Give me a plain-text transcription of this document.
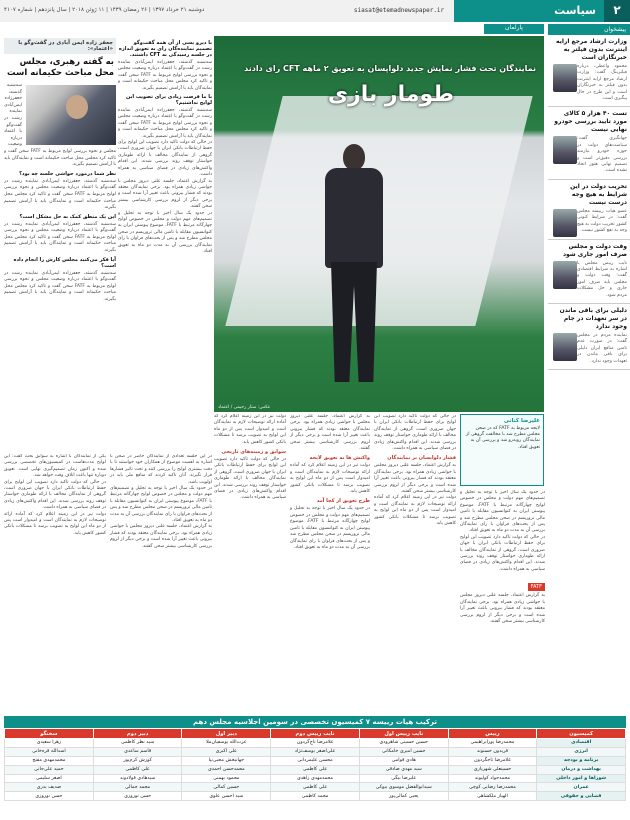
دوشنبه ۲۱ خرداد ۱۳۹۷ | ۲۶ رمضان ۱۴۳۹ | ۱۱ ژوئن ۲۰۱۸ | سال پانزدهم | شماره ۴۱۰۷	siasat@etemadnewspaper.ir	سیاست	۲
پیشخوان
وزارت ارشاد مرجع ارایه اینترنت بدون فیلتر به خبرنگاران است
محمود واعظی، درباره فیلترینگ گفت: وزارت ارشاد مرجع ارایه اینترنت بدون فیلتر به خبرنگاران است و این طرح در حال پیگیری است.
تست ۴۰ هزار ۵ کالای مورد تایید بررسی خودرو نهایی نیست
جهانگیری گفت: سیاست‌های دولت در حوزه خودرو نیازمند بررسی دقیق‌تر است و تصمیم نهایی هنوز اتخاذ نشده است.
تخریب دولت در این شرایط به هیچ وجه درست نیست
عضو هیات رییسه مجلس گفت: در شرایط کنونی کشور تخریب دولت به هیچ وجه به نفع کشور نیست.
وقت دولت و مجلس صرف امور جاری شود
نایب رییس مجلس با اشاره به شرایط اقتصادی گفت: وقت دولت و مجلس باید صرف امور جاری و حل مشکلات مردم شود.
دلیلی برای باقی ماندن در سر تعهدات در جام وجود ندارد
نماینده مردم در مجلس گفت: در صورت عدم تامین منافع ایران دلیلی برای باقی ماندن در تعهدات وجود ندارد.
جعفر زاده ایمن آبادی در گفت‌وگو با «اعتماد»:
به گفته رهبری، مجلس محل مباحث حکیمانه است
سه‌شنبه گذشته، جعفرزاده ایمن‌آبادی نماینده رشت در گفت‌وگو با اعتماد درباره وضعیت مجلس و نحوه بررسی لوایح مربوط به FATF سخن گفت و تاکید کرد مجلس محل مباحث حکیمانه است و نمایندگان باید با آرامش تصمیم بگیرند.
نظر شما درمورد حواشی جلسه چه بود؟
سه‌شنبه گذشته، جعفرزاده ایمن‌آبادی نماینده رشت در گفت‌وگو با اعتماد درباره وضعیت مجلس و نحوه بررسی لوایح مربوط به FATF سخن گفت و تاکید کرد مجلس محل مباحث حکیمانه است و نمایندگان باید با آرامش تصمیم بگیرند.
این یک منطق کمک به حل مشکل است؟
سه‌شنبه گذشته، جعفرزاده ایمن‌آبادی نماینده رشت در گفت‌وگو با اعتماد درباره وضعیت مجلس و نحوه بررسی لوایح مربوط به FATF سخن گفت و تاکید کرد مجلس محل مباحث حکیمانه است و نمایندگان باید با آرامش تصمیم بگیرند.
آیا فکر می‌کنید مجلس کارش را انجام داده است؟
سه‌شنبه گذشته، جعفرزاده ایمن‌آبادی نماینده رشت در گفت‌وگو با اعتماد درباره وضعیت مجلس و نحوه بررسی لوایح مربوط به FATF سخن گفت و تاکید کرد مجلس محل مباحث حکیمانه است و نمایندگان باید با آرامش تصمیم بگیرند.
با دیرو پسی از آن همه گفت‌وگو تصمیم نماینده‌گان رای به تعویق اندازه در جلسه رسیدگی به CFT داشتند.
سه‌شنبه گذشته، جعفرزاده ایمن‌آبادی نماینده رشت در گفت‌وگو با اعتماد درباره وضعیت مجلس و نحوه بررسی لوایح مربوط به FATF سخن گفت و تاکید کرد مجلس محل مباحث حکیمانه است و نمایندگان باید با آرامش تصمیم بگیرند.
با ما فرصت زیادی برای تصویب این لوایح نداشتیم؟
سه‌شنبه گذشته، جعفرزاده ایمن‌آبادی نماینده رشت در گفت‌وگو با اعتماد درباره وضعیت مجلس و نحوه بررسی لوایح مربوط به FATF سخن گفت و تاکید کرد مجلس محل مباحث حکیمانه است و نمایندگان باید با آرامش تصمیم بگیرند.
در حالی که دولت تاکید دارد تصویب این لوایح برای حفظ ارتباطات بانکی ایران با جهان ضروری است، گروهی از نمایندگان مخالف با ارائه طوماری خواستار توقف روند بررسی شدند. این اقدام واکنش‌های زیادی در فضای سیاسی به همراه داشت.
به گزارش اعتماد، جلسه علنی دیروز مجلس با حواشی زیادی همراه بود. برخی نمایندگان معتقد بودند که فشار بیرونی باعث تغییر آرا شده است و برخی دیگر از لزوم بررسی کارشناسی بیشتر سخن گفتند.
در حدود یک سال اخیر با توجه به تحلیل و تصمیم‌های مهم دولت و مجلس در خصوص لوایح چهارگانه مرتبط با FATF، موضوع پیوستن ایران به کنوانسیون مقابله با تامین مالی تروریسم در صحن مجلس مطرح شد و پس از بحث‌های فراوان با رای نمایندگان بررسی آن به مدت دو ماه به تعویق افتاد.
پارلمان
نمایندگان تحت فشار نمایش جدید دلواپسان به تعویق ۲ ماهه CFT رای دادند
طومار بازی
عکس: ستار رحیمی / اعتماد
علیرضا کنانی
لایحه مربوط به FATF که در صحن مجلس مطرح شد با مخالفت گروهی از نمایندگان روبه‌رو شد و بررسی آن به تعویق افتاد.
در حدود یک سال اخیر با توجه به تحلیل و تصمیم‌های مهم دولت و مجلس در خصوص لوایح چهارگانه مرتبط با FATF، موضوع پیوستن ایران به کنوانسیون مقابله با تامین مالی تروریسم در صحن مجلس مطرح شد و پس از بحث‌های فراوان با رای نمایندگان بررسی آن به مدت دو ماه به تعویق افتاد.
در حالی که دولت تاکید دارد تصویب این لوایح برای حفظ ارتباطات بانکی ایران با جهان ضروری است، گروهی از نمایندگان مخالف با ارائه طوماری خواستار توقف روند بررسی شدند. این اقدام واکنش‌های زیادی در فضای سیاسی به همراه داشت.
FATF
به گزارش اعتماد، جلسه علنی دیروز مجلس با حواشی زیادی همراه بود. برخی نمایندگان معتقد بودند که فشار بیرونی باعث تغییر آرا شده است و برخی دیگر از لزوم بررسی کارشناسی بیشتر سخن گفتند.
در حالی که دولت تاکید دارد تصویب این لوایح برای حفظ ارتباطات بانکی ایران با جهان ضروری است، گروهی از نمایندگان مخالف با ارائه طوماری خواستار توقف روند بررسی شدند. این اقدام واکنش‌های زیادی در فضای سیاسی به همراه داشت.
فشار دلواپسان بر نمایندگان
به گزارش اعتماد، جلسه علنی دیروز مجلس با حواشی زیادی همراه بود. برخی نمایندگان معتقد بودند که فشار بیرونی باعث تغییر آرا شده است و برخی دیگر از لزوم بررسی کارشناسی بیشتر سخن گفتند.
دولت نیز در این زمینه اعلام کرد که آماده ارائه توضیحات لازم به نمایندگان است و امیدوار است پس از دو ماه این لوایح به تصویب برسد تا مشکلات بانکی کشور کاهش یابد.
به گزارش اعتماد، جلسه علنی دیروز مجلس با حواشی زیادی همراه بود. برخی نمایندگان معتقد بودند که فشار بیرونی باعث تغییر آرا شده است و برخی دیگر از لزوم بررسی کارشناسی بیشتر سخن گفتند.
واکنش ها به تعویق لایحه
دولت نیز در این زمینه اعلام کرد که آماده ارائه توضیحات لازم به نمایندگان است و امیدوار است پس از دو ماه این لوایح به تصویب برسد تا مشکلات بانکی کشور کاهش یابد.
طرح تعویق از کجا آمد
در حدود یک سال اخیر با توجه به تحلیل و تصمیم‌های مهم دولت و مجلس در خصوص لوایح چهارگانه مرتبط با FATF، موضوع پیوستن ایران به کنوانسیون مقابله با تامین مالی تروریسم در صحن مجلس مطرح شد و پس از بحث‌های فراوان با رای نمایندگان بررسی آن به مدت دو ماه به تعویق افتاد.
دولت نیز در این زمینه اعلام کرد که آماده ارائه توضیحات لازم به نمایندگان است و امیدوار است پس از دو ماه این لوایح به تصویب برسد تا مشکلات بانکی کشور کاهش یابد.
سوابق و زمینه‌های تاریخی
در حالی که دولت تاکید دارد تصویب این لوایح برای حفظ ارتباطات بانکی ایران با جهان ضروری است، گروهی از نمایندگان مخالف با ارائه طوماری خواستار توقف روند بررسی شدند. این اقدام واکنش‌های زیادی در فضای سیاسی به همراه داشت.
در این جلسه تعدادی از نمایندگان حاضر در صحن با اشاره به اهمیت موضوع از همکاران خود خواستند تا با دقت بیشتری لوایح را بررسی کنند و تحت تاثیر فشارها قرار نگیرند. آنان تاکید کردند که منافع ملی باید در اولویت باشد.
در حدود یک سال اخیر با توجه به تحلیل و تصمیم‌های مهم دولت و مجلس در خصوص لوایح چهارگانه مرتبط با FATF، موضوع پیوستن ایران به کنوانسیون مقابله با تامین مالی تروریسم در صحن مجلس مطرح شد و پس از بحث‌های فراوان با رای نمایندگان بررسی آن به مدت دو ماه به تعویق افتاد.
به گزارش اعتماد، جلسه علنی دیروز مجلس با حواشی زیادی همراه بود. برخی نمایندگان معتقد بودند که فشار بیرونی باعث تغییر آرا شده است و برخی دیگر از لزوم بررسی کارشناسی بیشتر سخن گفتند.
یکی از نمایندگان با اشاره به سوابق بحث گفت: این لوایح مدت‌هاست در کمیسیون‌های تخصصی بررسی شده و اکنون زمان تصمیم‌گیری نهایی است. تعویق دوباره تنها باعث اتلاف وقت خواهد شد.
در حالی که دولت تاکید دارد تصویب این لوایح برای حفظ ارتباطات بانکی ایران با جهان ضروری است، گروهی از نمایندگان مخالف با ارائه طوماری خواستار توقف روند بررسی شدند. این اقدام واکنش‌های زیادی در فضای سیاسی به همراه داشت.
دولت نیز در این زمینه اعلام کرد که آماده ارائه توضیحات لازم به نمایندگان است و امیدوار است پس از دو ماه این لوایح به تصویب برسد تا مشکلات بانکی کشور کاهش یابد.
ترکیب هیات رییسه ۷ کمیسیون تخصصی در سومین اجلاسیه مجلس دهم
کمیسیون	رییس	نایب رییس اول	نایب رییس دوم	دبیر اول	دبیر دوم	سخنگو
اقتصادی	محمدرضا پورابراهیمی	حسین حسینی شاهرودی	غلامرضا تاج‌گردون	عزت‌الله یوسفیان‌ملا	سید نظر کاظمی	زهرا سعیدی
انرژی	فریدون حسنوند	حسین امیری خامکانی	علی‌اصغر یوسف‌نژاد	علی اکبری	قاسم ساعدی	اسدالله قره‌خانی
برنامه و بودجه	غلامرضا تاجگردون	هادی قوامی	محسن علیمردانی	جهانبخش محبی‌نیا	کورش کرم‌پور	محمدمهدی مفتح
بهداشت و درمان	حسینعلی شهریاری	سید مهدی صادقی	علی کاظمی	محمدحسن احمدی	علی کاظمی	حمید علی‌جانی
شوراها و امور داخلی	محمدجواد کولیوند	علیرضا بیگی	محمدمهدی زاهدی	محمود بهمنی	سیدهادی فولادوند	اصغر سلیمی
عمران	محمدرضا رضایی کوچی	سیدابوالفضل موسوی بیوکی	علی کاظمی	حسین کمالی	محمد جمالی	صدیف بدری
قضایی و حقوقی	الهیار ملکشاهی	یحیی کمالی‌پور	محمد کاظمی	سید احسن علوی	حسن نوروزی	حسن نوروزی
